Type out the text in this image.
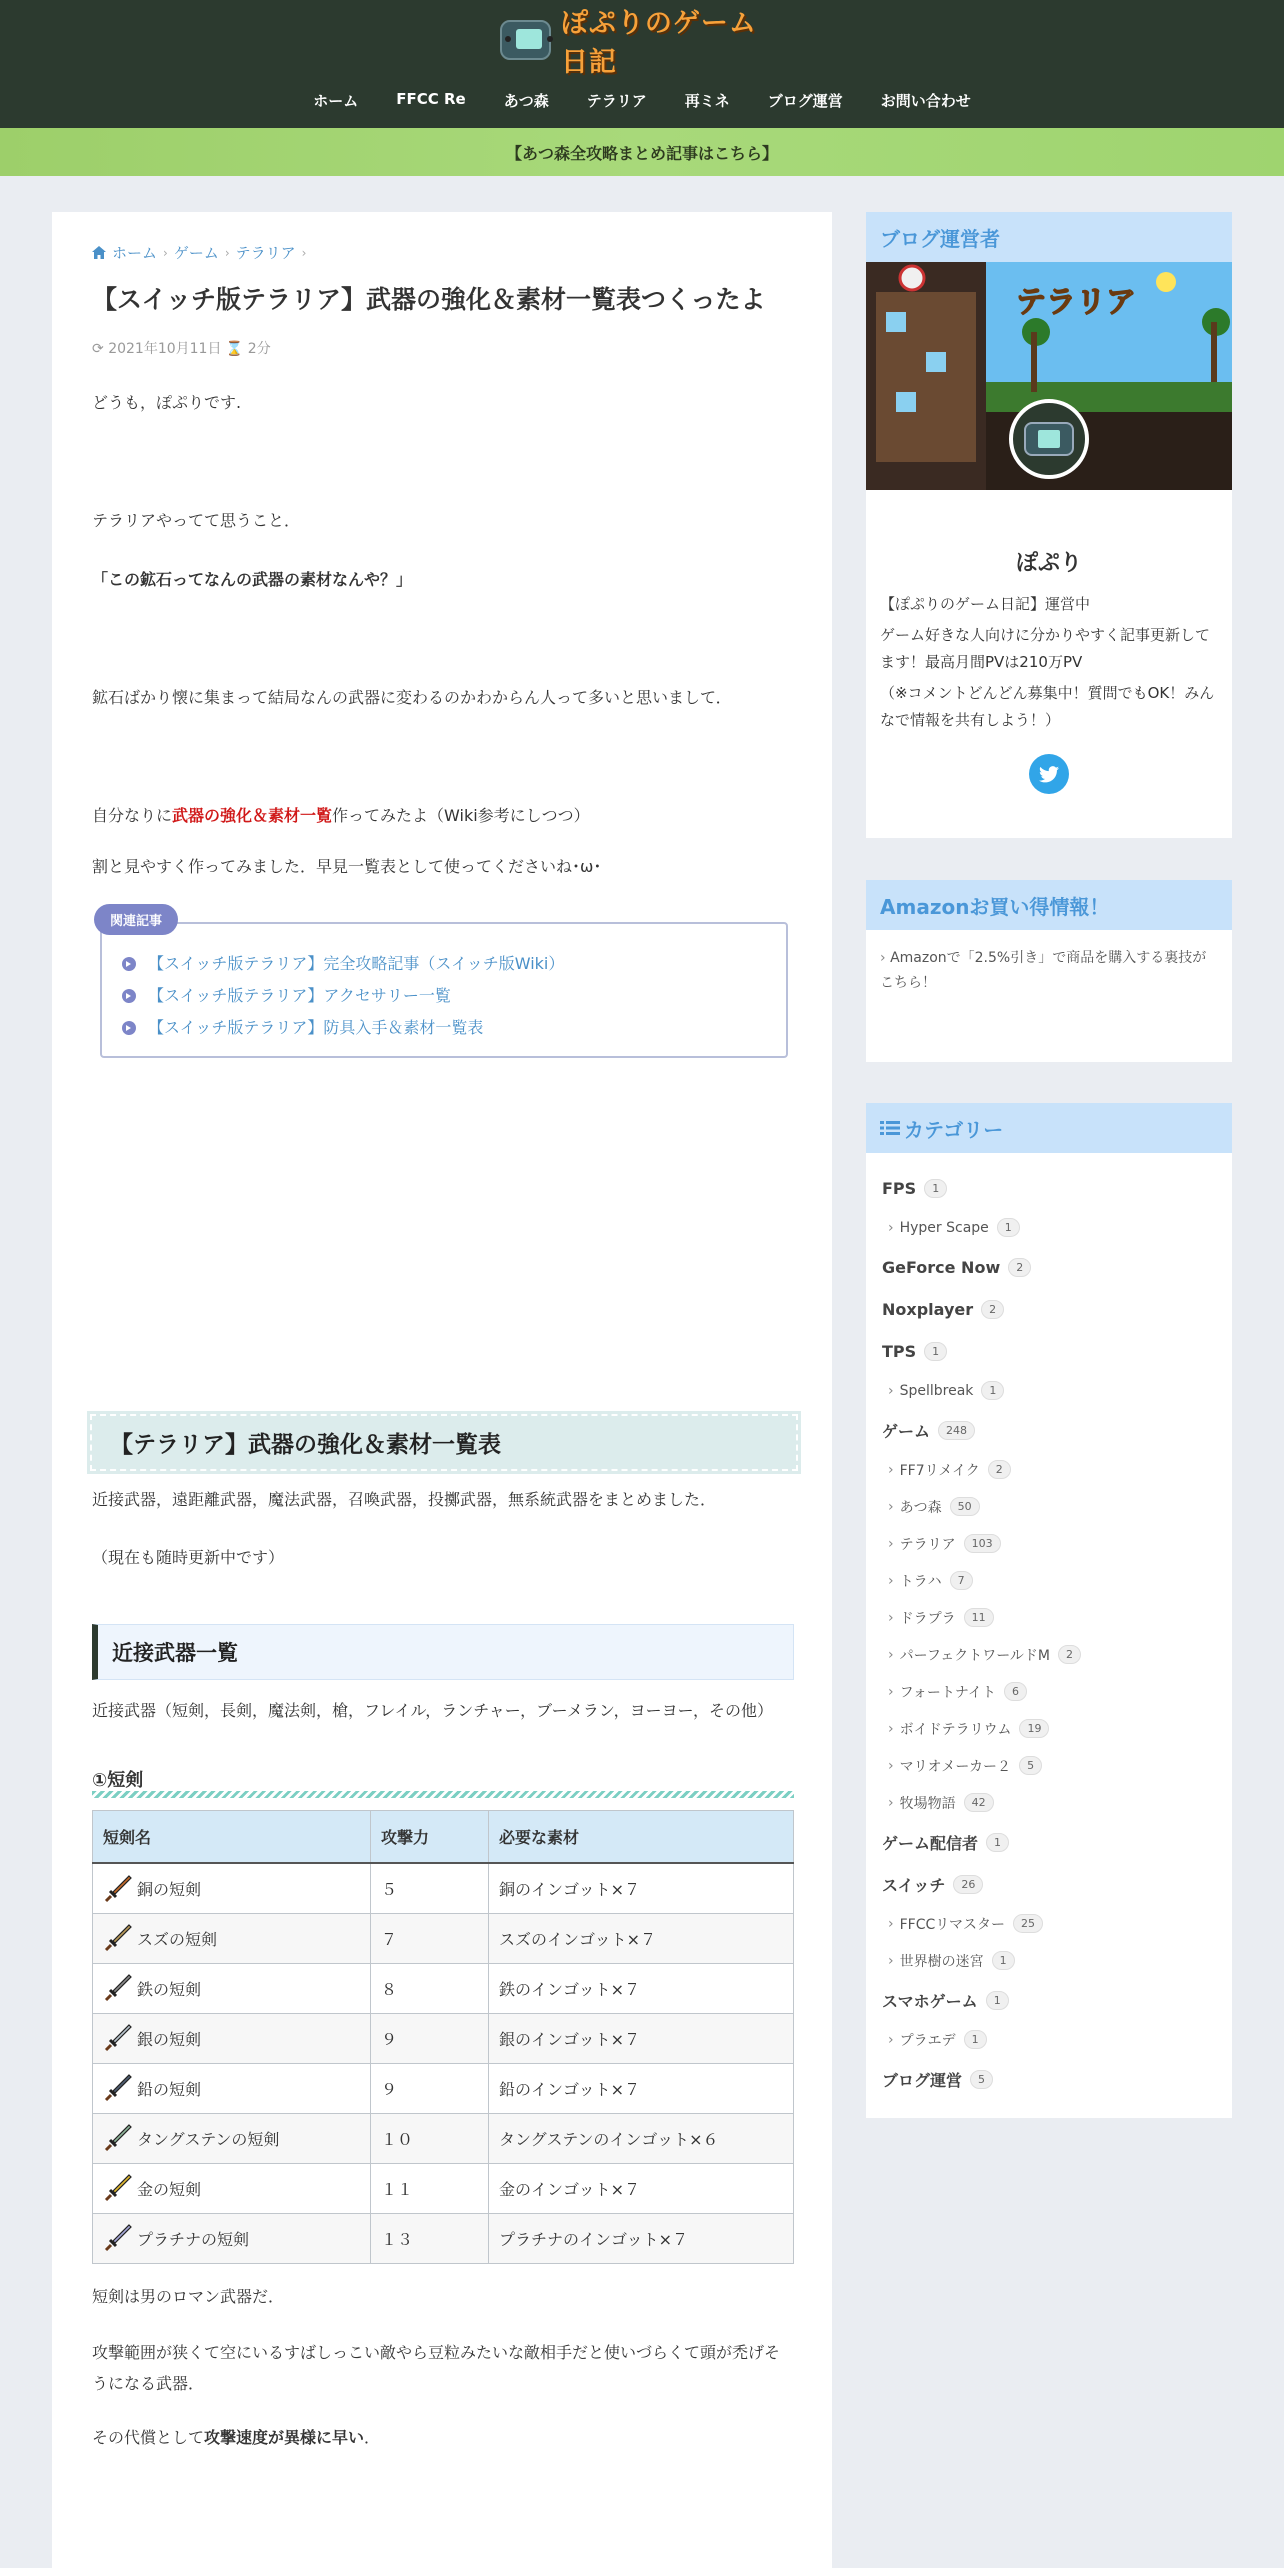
ぽぷりのゲーム日記
ホーム	FFCC Re	あつ森	テラリア	再ミネ	ブログ運営	お問い合わせ
【あつ森全攻略まとめ記事はこちら】
ホーム › ゲーム › テラリア ›
【スイッチ版テラリア】武器の強化＆素材一覧表つくったよ
⟳ 2021年10月11日 ⌛ 2分

どうも，ぽぷりです.

テラリアやってて思うこと．

「この鉱石ってなんの武器の素材なんや？」

鉱石ばかり懐に集まって結局なんの武器に変わるのかわからん人って多いと思いまして．

自分なりに武器の強化＆素材一覧作ってみたよ（Wiki参考にしつつ）

割と見やすく作ってみました．早見一覧表として使ってくださいね･ω･

関連記事
【スイッチ版テラリア】完全攻略記事（スイッチ版Wiki）
【スイッチ版テラリア】アクセサリー一覧
【スイッチ版テラリア】防具入手＆素材一覧表
【テラリア】武器の強化＆素材一覧表

近接武器，遠距離武器，魔法武器，召喚武器，投擲武器，無系統武器をまとめました．

（現在も随時更新中です）

近接武器一覧

近接武器（短剣，長剣，魔法剣，槍，フレイル，ランチャー，ブーメラン，ヨーヨー，その他）

①短剣
短剣名	攻撃力	必要な素材

銅の短剣	５	銅のインゴット×７

スズの短剣	７	スズのインゴット×７

鉄の短剣	８	鉄のインゴット×７

銀の短剣	９	銀のインゴット×７

鉛の短剣	９	鉛のインゴット×７

タングステンの短剣	１０	タングステンのインゴット×６

金の短剣	１１	金のインゴット×７

プラチナの短剣	１３	プラチナのインゴット×７

短剣は男のロマン武器だ．

攻撃範囲が狭くて空にいるすばしっこい敵やら豆粒みたいな敵相手だと使いづらくて頭が禿げそうになる武器．

その代償として攻撃速度が異様に早い．

ブログ運営者
テラリア
ぽぷり

【ぽぷりのゲーム日記】運営中

ゲーム好きな人向けに分かりやすく記事更新してます！最高月間PVは210万PV

（※コメントどんどん募集中！質問でもOK！みんなで情報を共有しよう！）

Amazonお買い得情報！

› Amazonで「2.5%引き」で商品を購入する裏技がこちら！

カテゴリー
FPS	1
› Hyper Scape	1
GeForce Now	2
Noxplayer	2
TPS	1
› Spellbreak	1
ゲーム	248
› FF7リメイク	2
› あつ森	50
› テラリア	103
› トラハ	7
› ドラプラ	11
› パーフェクトワールドM	2
› フォートナイト	6
› ボイドテラリウム	19
› マリオメーカー２	5
› 牧場物語	42
ゲーム配信者	1
スイッチ	26
› FFCCリマスター	25
› 世界樹の迷宮	1
スマホゲーム	1
› プラエデ	1
ブログ運営	5
